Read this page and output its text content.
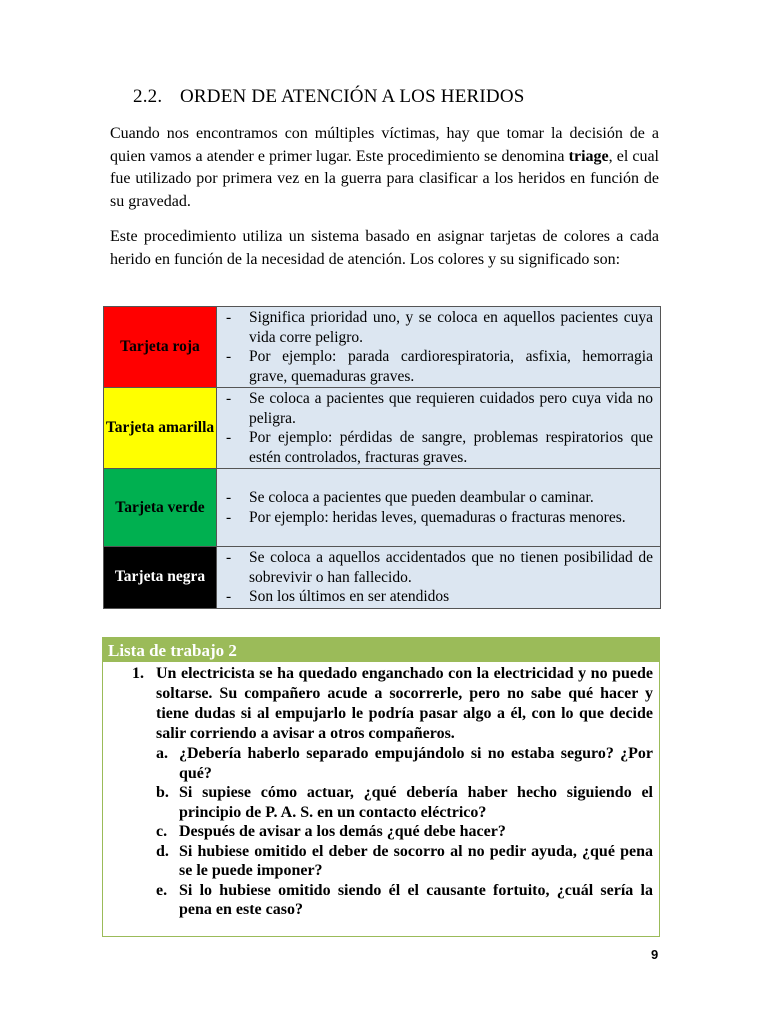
2.2. ORDEN DE ATENCIÓN A LOS HERIDOS

Cuando nos encontramos con múltiples víctimas, hay que tomar la decisión de a quien vamos a atender e primer lugar. Este procedimiento se denomina triage, el cual fue utilizado por primera vez en la guerra para clasificar a los heridos en función de su gravedad.

Este procedimiento utiliza un sistema basado en asignar tarjetas de colores a cada herido en función de la necesidad de atención. Los colores y su significado son:

Tarjeta roja	- Significa prioridad uno, y se coloca en aquellos pacientes cuya vida corre peligro.
- Por ejemplo: parada cardiorespiratoria, asfixia, hemorragia grave, quemaduras graves.

Tarjeta amarilla	- Se coloca a pacientes que requieren cuidados pero cuya vida no peligra.
- Por ejemplo: pérdidas de sangre, problemas respiratorios que estén controlados, fracturas graves.

Tarjeta verde	- Se coloca a pacientes que pueden deambular o caminar.
- Por ejemplo: heridas leves, quemaduras o fracturas menores.

Tarjeta negra	- Se coloca a aquellos accidentados que no tienen posibilidad de sobrevivir o han fallecido.
- Son los últimos en ser atendidos
Lista de trabajo 2
1. Un electricista se ha quedado enganchado con la electricidad y no puede soltarse. Su compañero acude a socorrerle, pero no sabe qué hacer y tiene dudas si al empujarlo le podría pasar algo a él, con lo que decide salir corriendo a avisar a otros compañeros.
a. ¿Debería haberlo separado empujándolo si no estaba seguro? ¿Por qué?
b. Si supiese cómo actuar, ¿qué debería haber hecho siguiendo el principio de P. A. S. en un contacto eléctrico?
c. Después de avisar a los demás ¿qué debe hacer?
d. Si hubiese omitido el deber de socorro al no pedir ayuda, ¿qué pena se le puede imponer?
e. Si lo hubiese omitido siendo él el causante fortuito, ¿cuál sería la pena en este caso?
9
